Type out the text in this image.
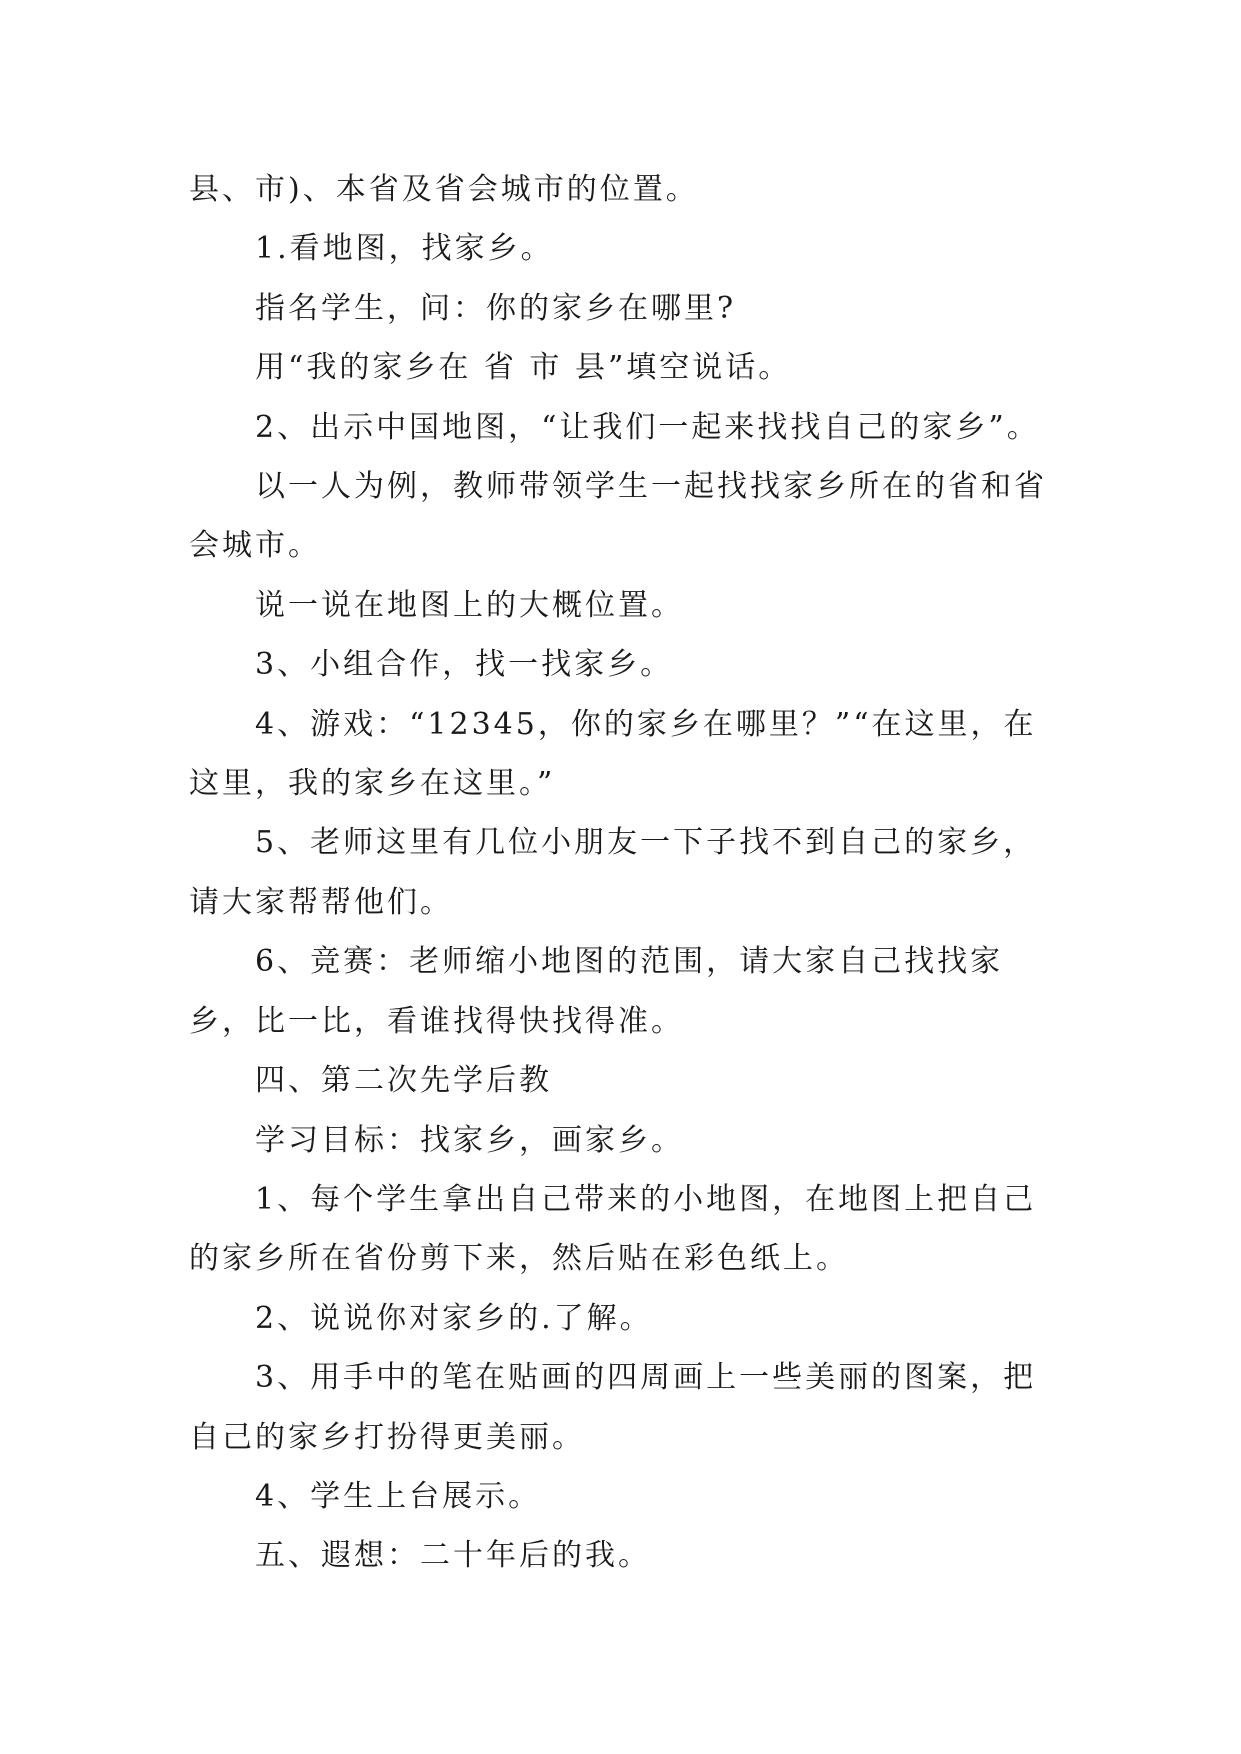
县、市)、本省及省会城市的位置。

1.看地图，找家乡。

指名学生，问：你的家乡在哪里?

用“我的家乡在 省 市 县”填空说话。

2、出示中国地图，“让我们一起来找找自己的家乡”。

以一人为例，教师带领学生一起找找家乡所在的省和省会城市。

说一说在地图上的大概位置。

3、小组合作，找一找家乡。

4、游戏：“12345，你的家乡在哪里？”“在这里，在这里，我的家乡在这里。”

5、老师这里有几位小朋友一下子找不到自己的家乡，请大家帮帮他们。

6、竞赛：老师缩小地图的范围，请大家自己找找家乡，比一比，看谁找得快找得准。

四、第二次先学后教

学习目标：找家乡，画家乡。

1、每个学生拿出自己带来的小地图，在地图上把自己的家乡所在省份剪下来，然后贴在彩色纸上。

2、说说你对家乡的.了解。

3、用手中的笔在贴画的四周画上一些美丽的图案，把自己的家乡打扮得更美丽。

4、学生上台展示。

五、遐想：二十年后的我。
